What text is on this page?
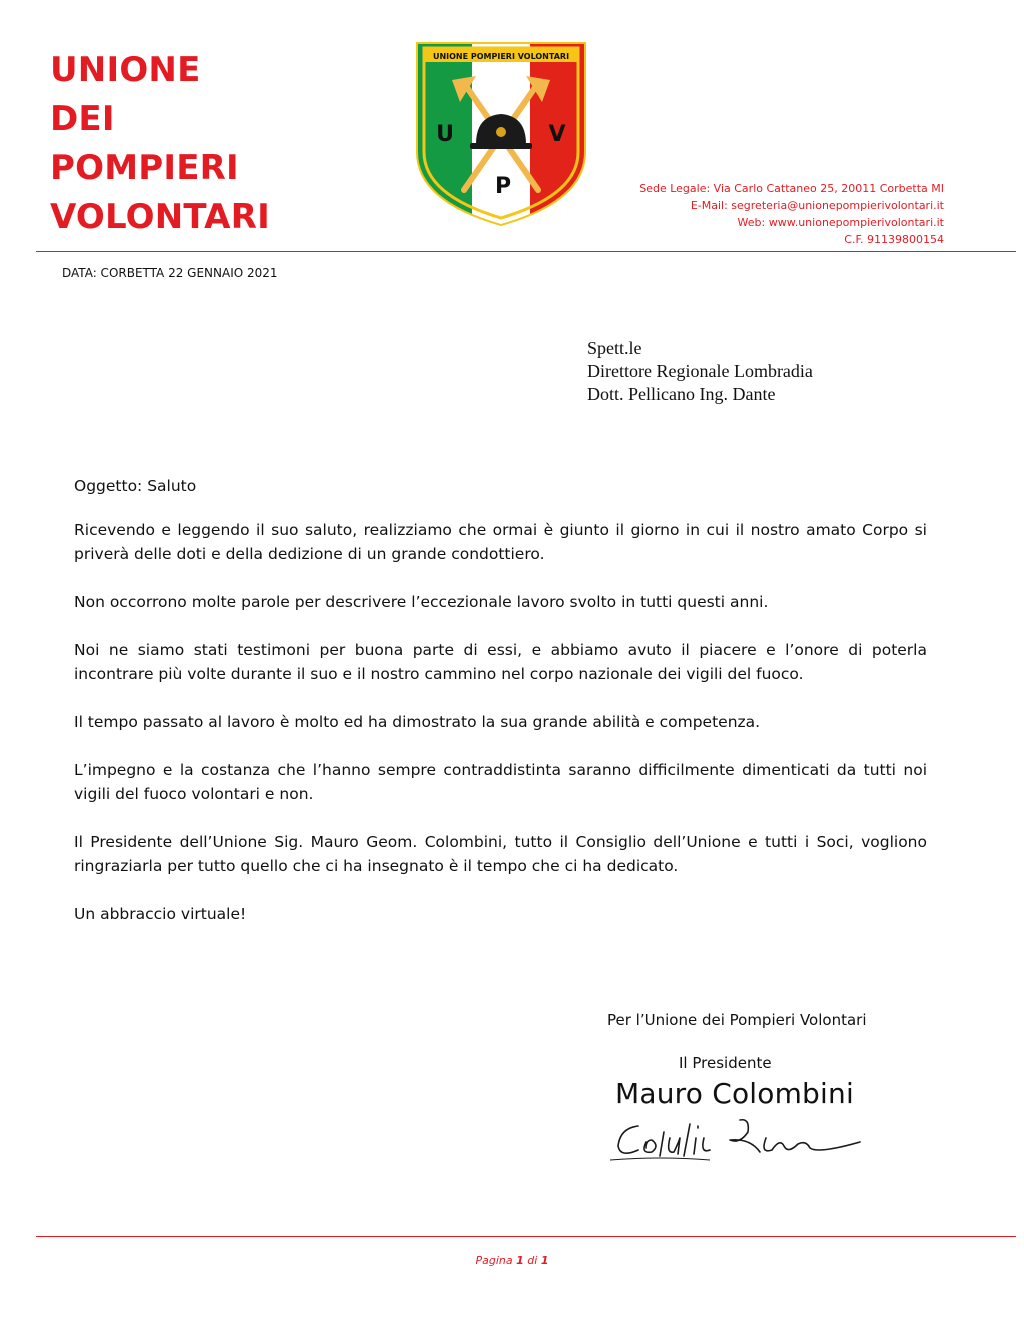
UNIONE
DEI
POMPIERI
VOLONTARI
UNIONE POMPIERI VOLONTARI
U	V
P	Sede Legale: Via Carlo Cattaneo 25, 20011 Corbetta MI
E-Mail: segreteria@unionepompierivolontari.it
Web: www.unionepompierivolontari.it
C.F. 91139800154
DATA: CORBETTA 22 GENNAIO 2021
Spett.le
Direttore Regionale Lombradia
Dott. Pellicano Ing. Dante

Oggetto: Saluto

Ricevendo e leggendo il suo saluto, realizziamo che ormai è giunto il giorno in cui il nostro amato Corpo si priverà delle doti e della dedizione di un grande condottiero.

Non occorrono molte parole per descrivere l’eccezionale lavoro svolto in tutti questi anni.

Noi ne siamo stati testimoni per buona parte di essi, e abbiamo avuto il piacere e l’onore di poterla incontrare più volte durante il suo e il nostro cammino nel corpo nazionale dei vigili del fuoco.

Il tempo passato al lavoro è molto ed ha dimostrato la sua grande abilità e competenza.

L’impegno e la costanza che l’hanno sempre contraddistinta saranno difficilmente dimenticati da tutti noi vigili del fuoco volontari e non.

Il Presidente dell’Unione Sig. Mauro Geom. Colombini, tutto il Consiglio dell’Unione e tutti i Soci, vogliono ringraziarla per tutto quello che ci ha insegnato è il tempo che ci ha dedicato.

Un abbraccio virtuale!

Per l’Unione dei Pompieri Volontari
Il Presidente
Mauro Colombini
Pagina 1 di 1
